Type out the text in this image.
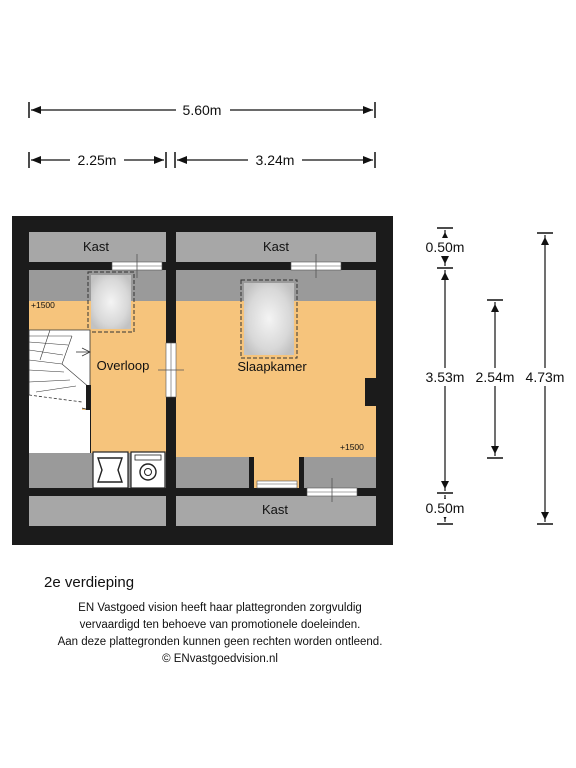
5.60m
2.25m	3.24m
0.50m
3.53m
0.50m
2.54m 4.73m
Kast	Kast
Kast
Overloop	Slaapkamer
+1500
+1500
2e verdieping
EN Vastgoed vision heeft haar plattegronden zorgvuldig
vervaardigd ten behoeve van promotionele doeleinden.
Aan deze plattegronden kunnen geen rechten worden ontleend.
© ENvastgoedvision.nl
